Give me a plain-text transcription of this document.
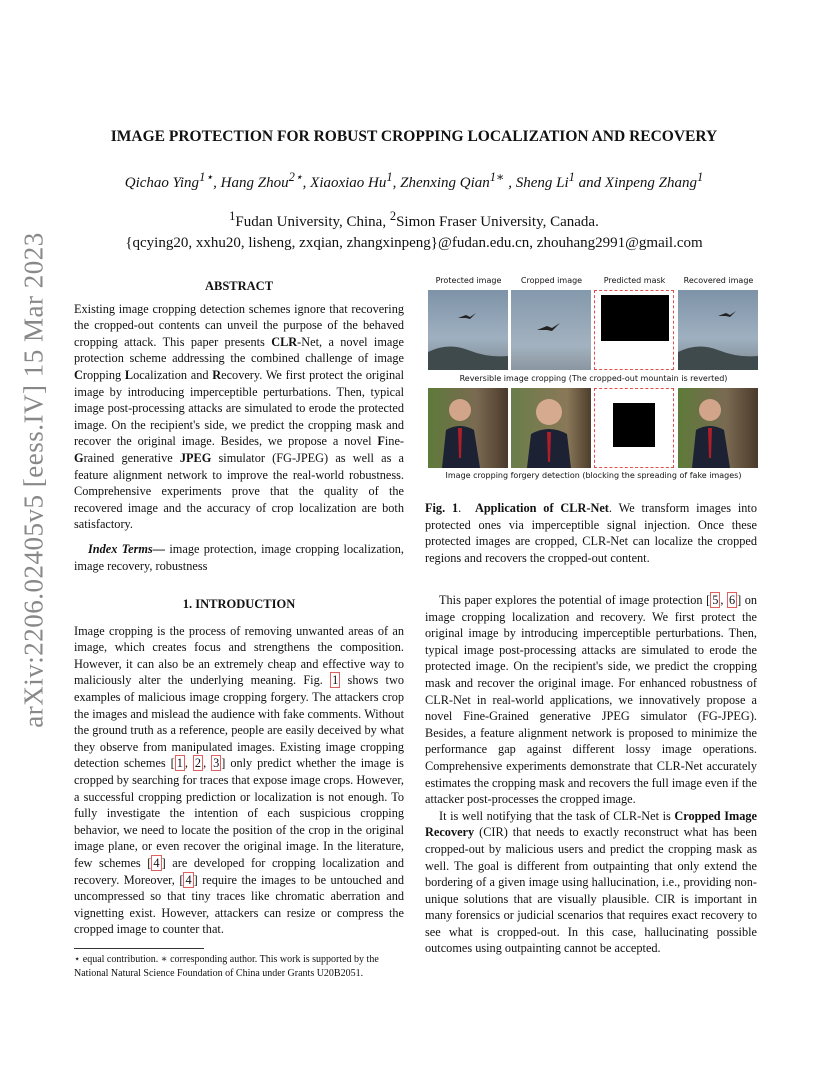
arXiv:2206.02405v5 [eess.IV] 15 Mar 2023
IMAGE PROTECTION FOR ROBUST CROPPING LOCALIZATION AND RECOVERY
Qichao Ying$^{1⋆}$, Hang Zhou$^{2⋆}$, Xiaoxiao Hu$^1$, Zhenxing Qian$^{1∗}$ , Sheng Li$^1$ and Xinpeng Zhang$^1$
$^1$Fudan University, China, $^2$Simon Fraser University, Canada.
{qcying20, xxhu20, lisheng, zxqian, zhangxinpeng}@fudan.edu.cn, zhouhang2991@gmail.com

ABSTRACT

Existing image cropping detection schemes ignore that recovering the cropped-out contents can unveil the purpose of the behaved cropping attack. This paper presents CLR-Net, a novel image protection scheme addressing the combined challenge of image Cropping Localization and Recovery. We first protect the original image by introducing imperceptible perturbations. Then, typical image post-processing attacks are simulated to erode the protected image. On the recipient's side, we predict the cropping mask and recover the original image. Besides, we propose a novel Fine-Grained generative JPEG simulator (FG-JPEG) as well as a feature alignment network to improve the real-world robustness. Comprehensive experiments prove that the quality of the recovered image and the accuracy of crop localization are both satisfactory.

Index Terms— image protection, image cropping localization, image recovery, robustness

1. INTRODUCTION

Image cropping is the process of removing unwanted areas of an image, which creates focus and strengthens the composition. However, it can also be an extremely cheap and effective way to maliciously alter the underlying meaning. Fig. 1 shows two examples of malicious image cropping forgery. The attackers crop the images and mislead the audience with fake comments. Without the ground truth as a reference, people are easily deceived by what they observe from manipulated images. Existing image cropping detection schemes [ 1 , 2 , 3 ] only predict whether the image is cropped by searching for traces that expose image crops. However, a successful cropping prediction or localization is not enough. To fully investigate the intention of each suspicious cropping behavior, we need to locate the position of the crop in the original image plane, or even recover the original image. In the literature, few schemes [ 4 ] are developed for cropping localization and recovery. Moreover, [ 4 ] require the images to be untouched and uncompressed so that tiny traces like chromatic aberration and vignetting exist. However, attackers can resize or compress the cropped image to counter that.

⋆ equal contribution. ∗ corresponding author. This work is supported by the National Natural Science Foundation of China under Grants U20B2051.
Protected image	Cropped image	Predicted mask	Recovered image
Reversible image cropping (The cropped-out mountain is reverted)
Image cropping forgery detection (blocking the spreading of fake images)
Fig. 1. Application of CLR-Net. We transform images into protected ones via imperceptible signal injection. Once these protected images are cropped, CLR-Net can localize the cropped regions and recovers the cropped-out content.

This paper explores the potential of image protection [ 5 , 6 ] on image cropping localization and recovery. We first protect the original image by introducing imperceptible perturbations. Then, typical image post-processing attacks are simulated to erode the protected image. On the recipient's side, we predict the cropping mask and recover the original image. For enhanced robustness of CLR-Net in real-world applications, we innovatively propose a novel Fine-Grained generative JPEG simulator (FG-JPEG). Besides, a feature alignment network is proposed to minimize the performance gap against different lossy image operations. Comprehensive experiments demonstrate that CLR-Net accurately estimates the cropping mask and recovers the full image even if the attacker post-processes the cropped image.

It is well notifying that the task of CLR-Net is Cropped Image Recovery (CIR) that needs to exactly reconstruct what has been cropped-out by malicious users and predict the cropping mask as well. The goal is different from outpainting that only extend the bordering of a given image using hallucination, i.e., providing non-unique solutions that are visually plausible. CIR is important in many forensics or judicial scenarios that requires exact recovery to see what is cropped-out. In this case, hallucinating possible outcomes using outpainting cannot be accepted.
